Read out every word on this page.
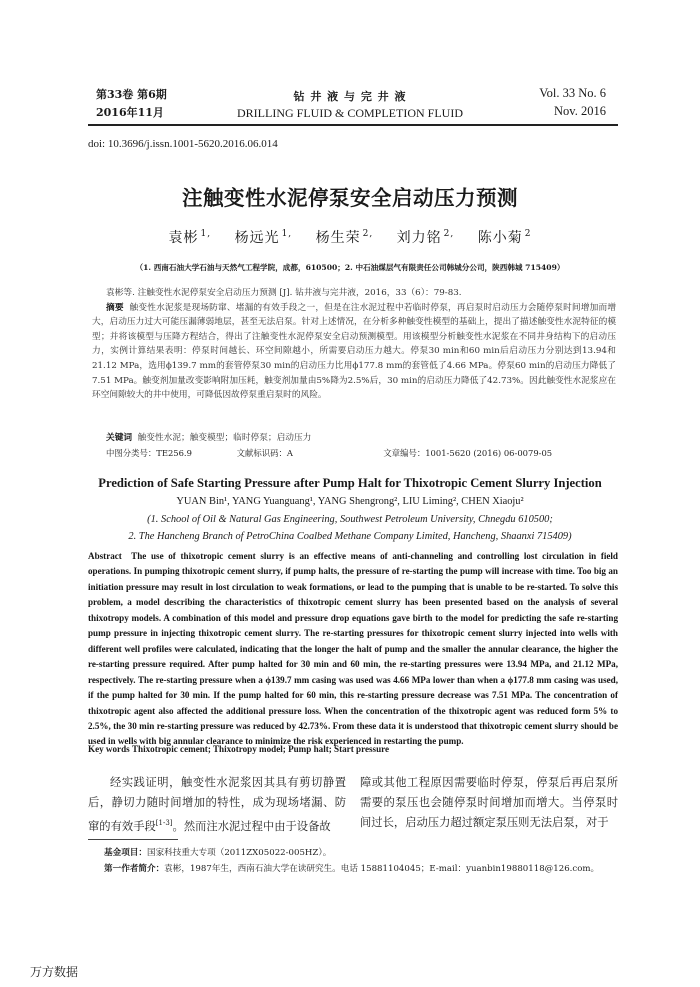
第33卷 第6期
2016年11月
钻 井 液 与 完 井 液
DRILLING FLUID & COMPLETION FLUID
Vol. 33 No. 6
Nov. 2016
doi: 10.3696/j.issn.1001-5620.2016.06.014
注触变性水泥停泵安全启动压力预测
袁彬 $^{1,}$ 杨远光 $^{1,}$ 杨生荣 $^{2,}$ 刘力铭 $^{2,}$ 陈小菊 $^2$
（1. 西南石油大学石油与天然气工程学院，成都，610500；2. 中石油煤层气有限责任公司韩城分公司，陕西韩城 715409）
袁彬等. 注触变性水泥停泵安全启动压力预测 [J]. 钻井液与完井液，2016，33（6）：79-83.
摘要 触变性水泥浆是现场防窜、堵漏的有效手段之一，但是在注水泥过程中若临时停泵，再启泵时启动压力会随停泵时间增加而增大，启动压力过大可能压漏薄弱地层，甚至无法启泵。针对上述情况，在分析多种触变性模型的基础上，提出了描述触变性水泥特征的模型；并将该模型与压降方程结合，得出了注触变性水泥停泵安全启动预测模型。用该模型分析触变性水泥浆在不同井身结构下的启动压力，实例计算结果表明：停泵时间越长、环空间隙越小，所需要启动压力越大。停泵30 min和60 min后启动压力分别达到13.94和21.12 MPa，选用ϕ139.7 mm的套管停泵30 min的启动压力比用ϕ177.8 mm的套管低了4.66 MPa。停泵60 min的启动压力降低了7.51 MPa。触变剂加量改变影响附加压耗，触变剂加量由5%降为2.5%后，30 min的启动压力降低了42.73%。因此触变性水泥浆应在环空间隙较大的井中使用，可降低因故停泵重启泵时的风险。
关键词 触变性水泥；触变模型；临时停泵；启动压力
中图分类号：TE256.9	文献标识码：A	文章编号：1001-5620 (2016) 06-0079-05
Prediction of Safe Starting Pressure after Pump Halt for Thixotropic Cement Slurry Injection
YUAN Bin¹, YANG Yuanguang¹, YANG Shengrong², LIU Liming², CHEN Xiaoju²
(1. School of Oil & Natural Gas Engineering, Southwest Petroleum University, Chnegdu 610500;
2. The Hancheng Branch of PetroChina Coalbed Methane Company Limited, Hancheng, Shaanxi 715409)
Abstract The use of thixotropic cement slurry is an effective means of anti-channeling and controlling lost circulation in field operations. In pumping thixotropic cement slurry, if pump halts, the pressure of re-starting the pump will increase with time. Too big an initiation pressure may result in lost circulation to weak formations, or lead to the pumping that is unable to be re-started. To solve this problem, a model describing the characteristics of thixotropic cement slurry has been presented based on the analysis of several thixotropy models. A combination of this model and pressure drop equations gave birth to the model for predicting the safe re-starting pump pressure in injecting thixotropic cement slurry. The re-starting pressures for thixotropic cement slurry injected into wells with different well profiles were calculated, indicating that the longer the halt of pump and the smaller the annular clearance, the higher the re-starting pressure required. After pump halted for 30 min and 60 min, the re-starting pressures were 13.94 MPa, and 21.12 MPa, respectively. The re-starting pressure when a ϕ139.7 mm casing was used was 4.66 MPa lower than when a ϕ177.8 mm casing was used, if the pump halted for 30 min. If the pump halted for 60 min, this re-starting pressure decrease was 7.51 MPa. The concentration of thixotropic agent also affected the additional pressure loss. When the concentration of the thixotropic agent was reduced form 5% to 2.5%, the 30 min re-starting pressure was reduced by 42.73%. From these data it is understood that thixotropic cement slurry should be used in wells with big annular clearance to minimize the risk experienced in restarting the pump.
Key words Thixotropic cement; Thixotropy model; Pump halt; Start pressure
经实践证明，触变性水泥浆因其具有剪切静置后，静切力随时间增加的特性，成为现场堵漏、防窜的有效手段[1-3]。然而注水泥过程中由于设备故
障或其他工程原因需要临时停泵，停泵后再启泵所需要的泵压也会随停泵时间增加而增大。当停泵时间过长，启动压力超过额定泵压则无法启泵，对于
基金项目：国家科技重大专项（2011ZX05022-005HZ）。
第一作者简介：袁彬，1987年生，西南石油大学在读研究生。电话 15881104045；E-mail：yuanbin19880118@126.com。
万方数据
